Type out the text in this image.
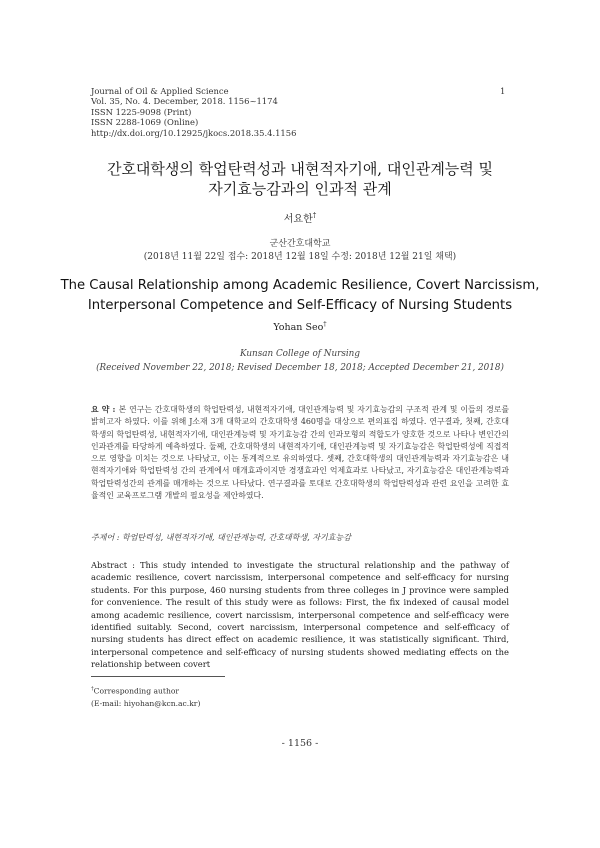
Journal of Oil & Applied Science
Vol. 35, No. 4. December, 2018. 1156~1174
ISSN 1225-9098 (Print)
ISSN 2288-1069 (Online)
http://dx.doi.org/10.12925/jkocs.2018.35.4.1156
1
간호대학생의 학업탄력성과 내현적자기애, 대인관계능력 및
자기효능감과의 인과적 관계
서요한†
군산간호대학교
(2018년 11월 22일 접수: 2018년 12월 18일 수정: 2018년 12월 21일 채택)
The Causal Relationship among Academic Resilience, Covert Narcissism,
Interpersonal Competence and Self-Efficacy of Nursing Students
Yohan Seo†
Kunsan College of Nursing
(Received November 22, 2018; Revised December 18, 2018; Accepted December 21, 2018)
요 약 : 본 연구는 간호대학생의 학업탄력성, 내현적자기애, 대인관계능력 및 자기효능감의 구조적 관계 및 이들의 경로를 밝히고자 하였다. 이를 위해 J소재 3개 대학교의 간호대학생 460명을 대상으로 편의표집 하였다. 연구결과, 첫째, 간호대학생의 학업탄력성, 내현적자기애, 대인관계능력 및 자기효능감 간의 인과모형의 적합도가 양호한 것으로 나타나 변인간의 인과관계를 타당하게 예측하였다. 둘째, 간호대학생의 내현적자기애, 대인관계능력 및 자기효능감은 학업탄력성에 직접적으로 영향을 미치는 것으로 나타났고, 이는 통계적으로 유의하였다. 셋째, 간호대학생의 대인관계능력과 자기효능감은 내현적자기애와 학업탄력성 간의 관계에서 매개효과이지만 경쟁효과인 억제효과로 나타났고, 자기효능감은 대인관계능력과 학업탄력성간의 관계를 매개하는 것으로 나타났다. 연구결과를 토대로 간호대학생의 학업탄력성과 관련 요인을 고려한 효율적인 교육프로그램 개발의 필요성을 제안하였다.
주제어 : 학업탄력성, 내현적자기애, 대인관계능력, 간호대학생, 자기효능감
Abstract : This study intended to investigate the structural relationship and the pathway of academic resilience, covert narcissism, interpersonal competence and self-efficacy for nursing students. For this purpose, 460 nursing students from three colleges in J province were sampled for convenience. The result of this study were as follows: First, the fix indexed of causal model among academic resilience, covert narcissism, interpersonal competence and self-efficacy were identified suitably. Second, covert narcissism, interpersonal competence and self-efficacy of nursing students has direct effect on academic resilience, it was statistically significant. Third, interpersonal competence and self-efficacy of nursing students showed mediating effects on the relationship between covert
†Corresponding author
(E-mail: hiyohan@kcn.ac.kr)
- 1156 -
